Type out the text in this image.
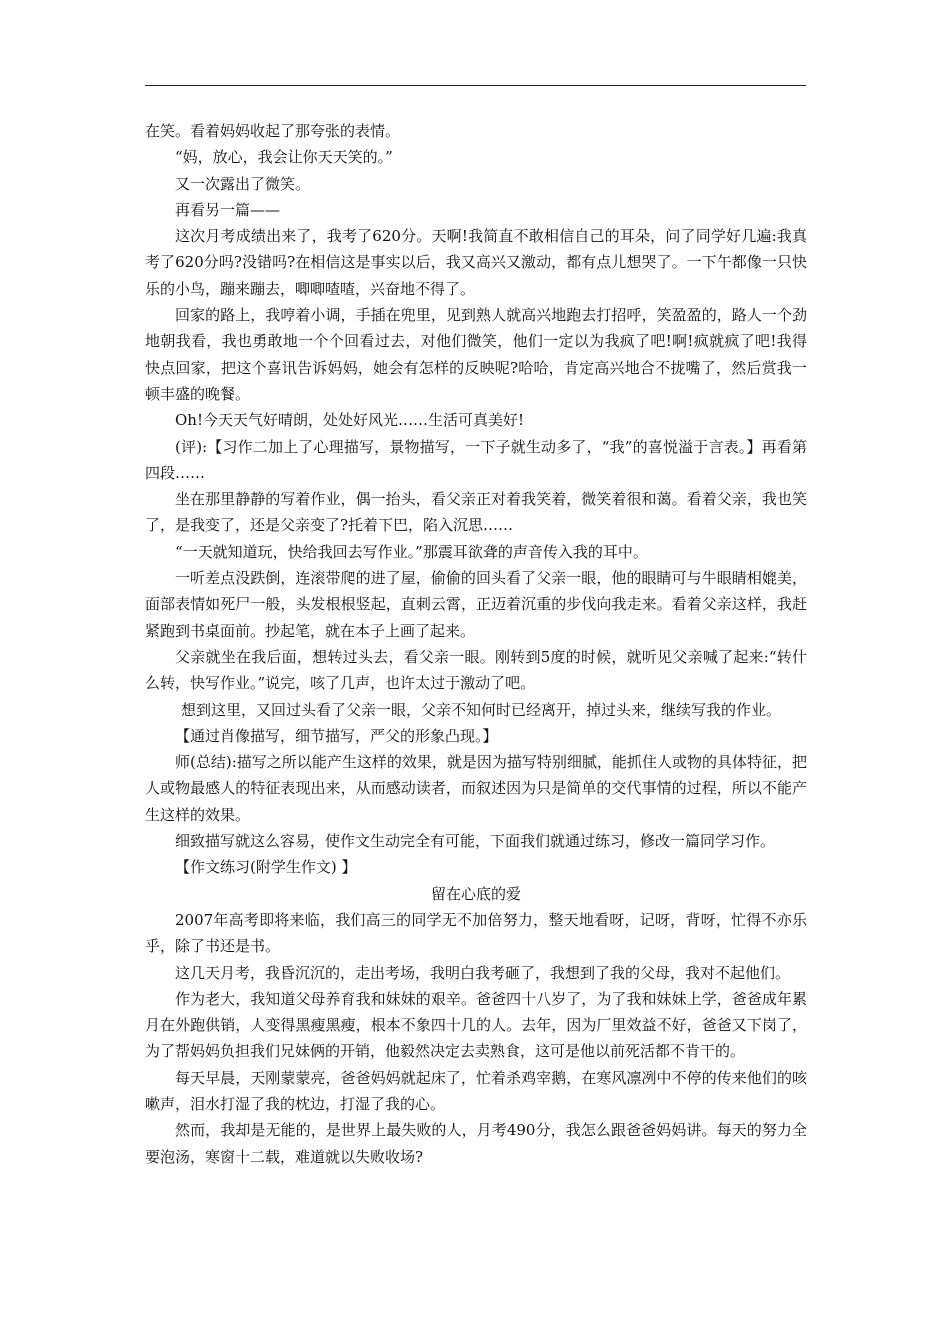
在笑。看着妈妈收起了那夸张的表情。

“妈，放心，我会让你天天笑的。”

又一次露出了微笑。

再看另一篇——

这次月考成绩出来了，我考了620分。天啊!我简直不敢相信自己的耳朵，问了同学好几遍:我真考了620分吗?没错吗?在相信这是事实以后，我又高兴又激动，都有点儿想哭了。一下午都像一只快乐的小鸟，蹦来蹦去，唧唧喳喳，兴奋地不得了。

回家的路上，我哼着小调，手插在兜里，见到熟人就高兴地跑去打招呼，笑盈盈的，路人一个劲地朝我看，我也勇敢地一个个回看过去，对他们微笑，他们一定以为我疯了吧!啊!疯就疯了吧!我得快点回家，把这个喜讯告诉妈妈，她会有怎样的反映呢?哈哈，肯定高兴地合不拢嘴了，然后赏我一顿丰盛的晚餐。

Oh!今天天气好晴朗，处处好风光……生活可真美好!

(评):【习作二加上了心理描写，景物描写，一下子就生动多了，“我”的喜悦溢于言表。】再看第四段……

坐在那里静静的写着作业，偶一抬头，看父亲正对着我笑着，微笑着很和蔼。看着父亲，我也笑了，是我变了，还是父亲变了?托着下巴，陷入沉思……

“一天就知道玩，快给我回去写作业。”那震耳欲聋的声音传入我的耳中。

一听差点没跌倒，连滚带爬的进了屋，偷偷的回头看了父亲一眼，他的眼睛可与牛眼睛相媲美，面部表情如死尸一般，头发根根竖起，直刺云霄，正迈着沉重的步伐向我走来。看着父亲这样，我赶紧跑到书桌面前。抄起笔，就在本子上画了起来。

父亲就坐在我后面，想转过头去，看父亲一眼。刚转到5度的时候，就听见父亲喊了起来:“转什么转，快写作业。”说完，咳了几声，也许太过于激动了吧。

想到这里，又回过头看了父亲一眼，父亲不知何时已经离开，掉过头来，继续写我的作业。

【通过肖像描写，细节描写，严父的形象凸现。】

师(总结):描写之所以能产生这样的效果，就是因为描写特别细腻，能抓住人或物的具体特征，把人或物最感人的特征表现出来，从而感动读者，而叙述因为只是简单的交代事情的过程，所以不能产生这样的效果。

细致描写就这么容易，使作文生动完全有可能，下面我们就通过练习，修改一篇同学习作。

【作文练习(附学生作文) 】

留在心底的爱

2007年高考即将来临，我们高三的同学无不加倍努力，整天地看呀，记呀，背呀，忙得不亦乐乎，除了书还是书。

这几天月考，我昏沉沉的，走出考场，我明白我考砸了，我想到了我的父母，我对不起他们。

作为老大，我知道父母养育我和妹妹的艰辛。爸爸四十八岁了，为了我和妹妹上学，爸爸成年累月在外跑供销，人变得黑瘦黑瘦，根本不象四十几的人。去年，因为厂里效益不好，爸爸又下岗了，为了帮妈妈负担我们兄妹俩的开销，他毅然决定去卖熟食，这可是他以前死活都不肯干的。

每天早晨，天刚蒙蒙亮，爸爸妈妈就起床了，忙着杀鸡宰鹅，在寒风凛冽中不停的传来他们的咳嗽声，泪水打湿了我的枕边，打湿了我的心。

然而，我却是无能的，是世界上最失败的人，月考490分，我怎么跟爸爸妈妈讲。每天的努力全要泡汤，寒窗十二载，难道就以失败收场?
